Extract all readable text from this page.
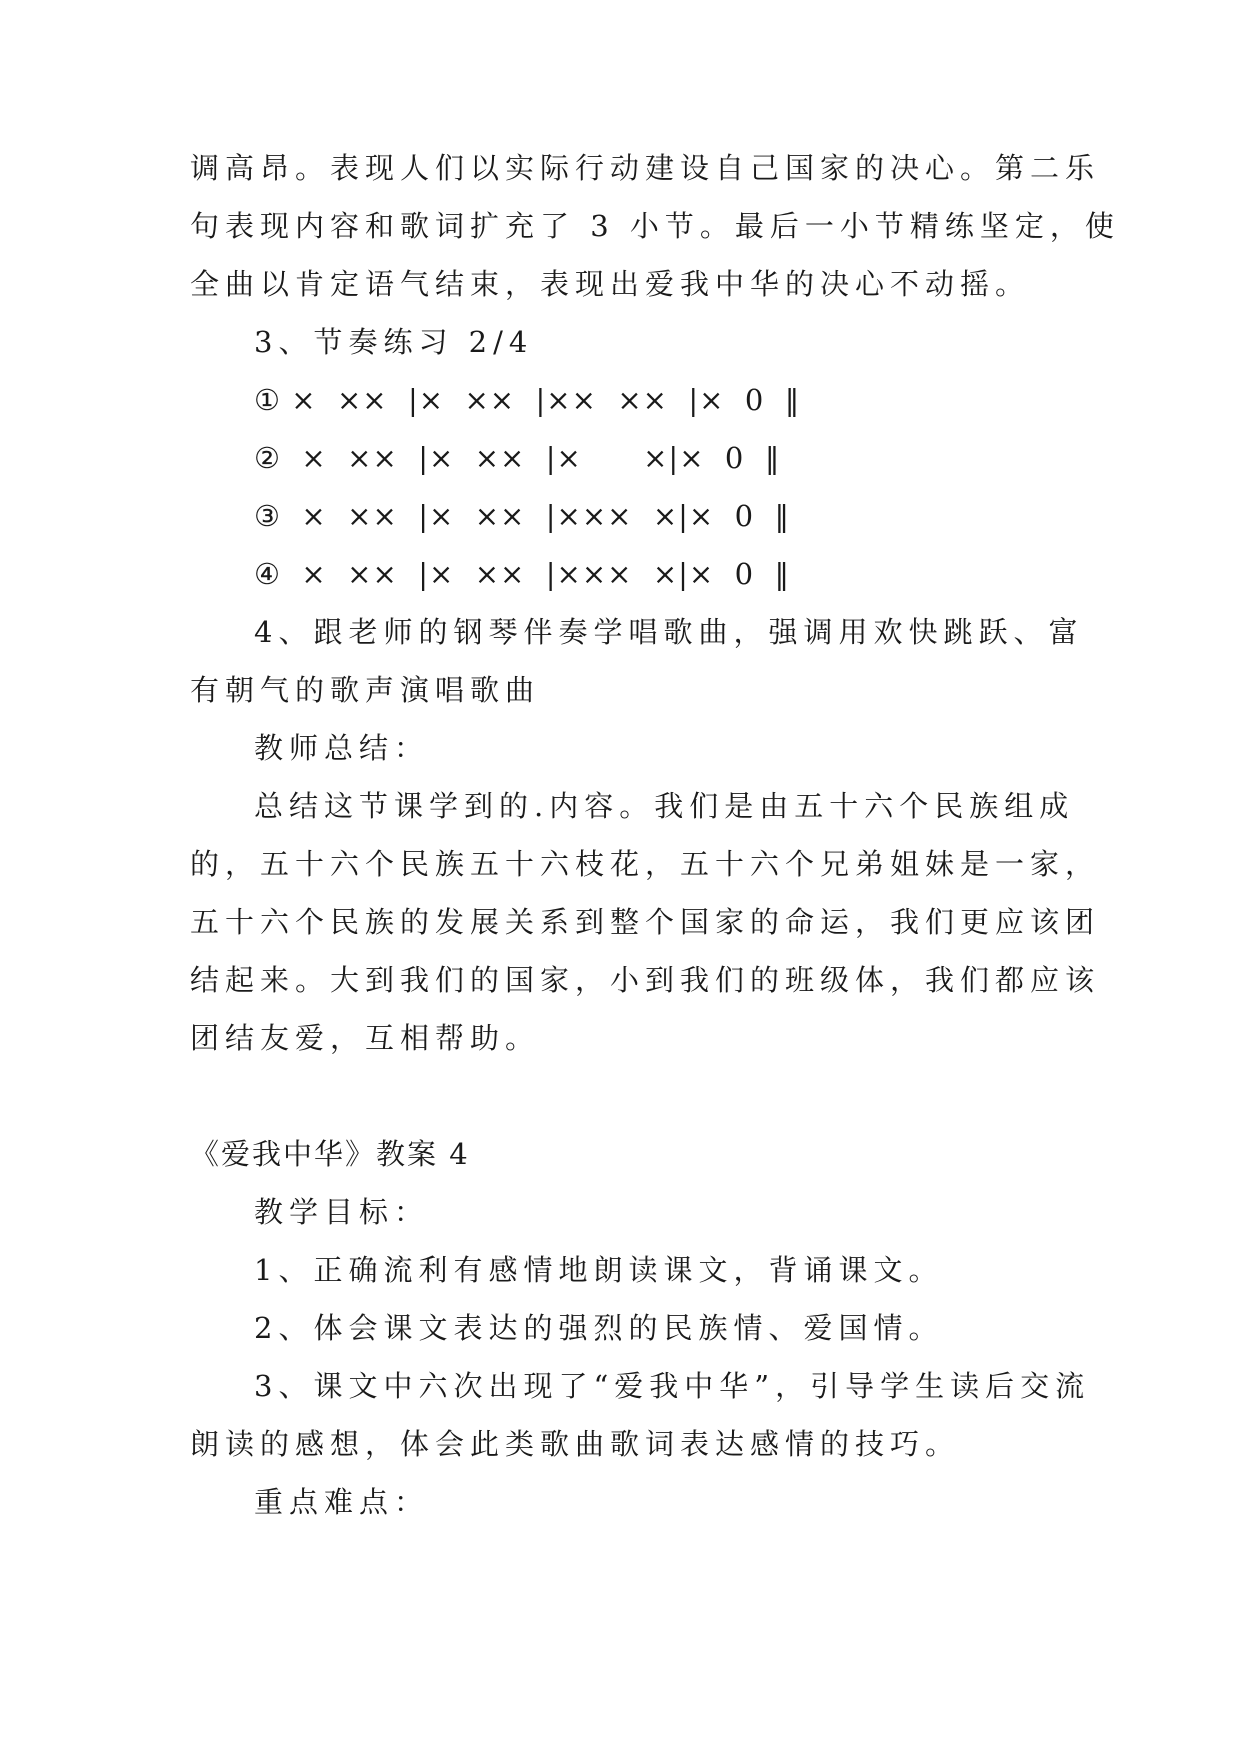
调高昂。表现人们以实际行动建设自己国家的决心。第二乐
句表现内容和歌词扩充了 3 小节。最后一小节精练坚定，使
全曲以肯定语气结束，表现出爱我中华的决心不动摇。
3、节奏练习 2/4
① ×  ××  |×  ××  |××  ××  |×  0  ‖
②  ×  ××  |×  ××  |×      ×|×  0  ‖
③  ×  ××  |×  ××  |×××  ×|×  0  ‖
④  ×  ××  |×  ××  |×××  ×|×  0  ‖
4、跟老师的钢琴伴奏学唱歌曲，强调用欢快跳跃、富
有朝气的歌声演唱歌曲
教师总结：
总结这节课学到的.内容。我们是由五十六个民族组成
的，五十六个民族五十六枝花，五十六个兄弟姐妹是一家，
五十六个民族的发展关系到整个国家的命运，我们更应该团
结起来。大到我们的国家，小到我们的班级体，我们都应该
团结友爱，互相帮助。
《爱我中华》教案 4
教学目标：
1、正确流利有感情地朗读课文，背诵课文。
2、体会课文表达的强烈的民族情、爱国情。
3、课文中六次出现了“爱我中华”，引导学生读后交流
朗读的感想，体会此类歌曲歌词表达感情的技巧。
重点难点：
